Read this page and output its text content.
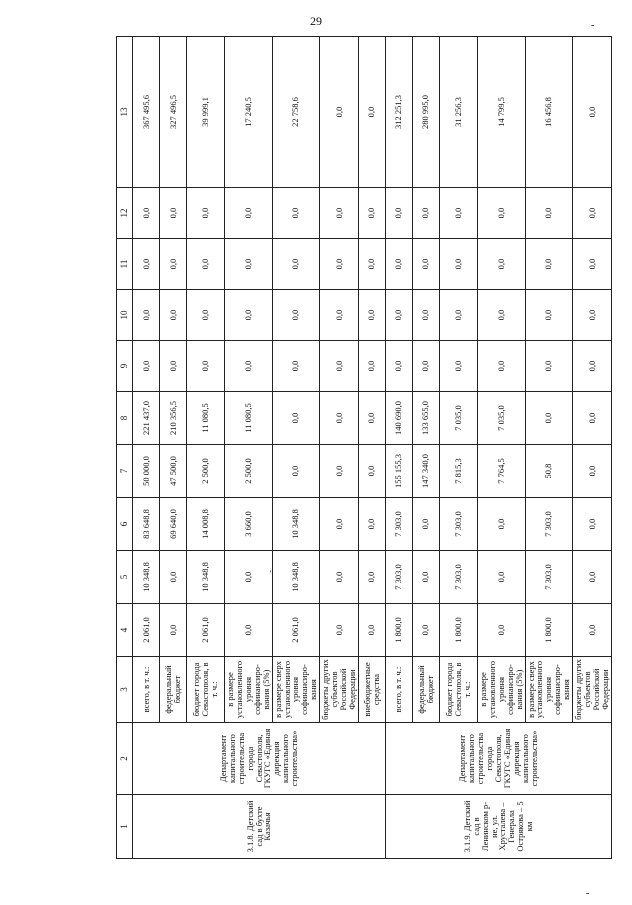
29	-
-
'
1	2	3	4	5	6	7	8	9	10	11	12	13
3.1.8. Детский сад в бухте Казачья	Департамент капитального строительства города Севастополя, ГКУГС «Единая дирекция капитального строительства»	всего, в т. ч.:	2 061,0	10 348,8	83 648,8	50 000,0	221 437,0	0,0	0,0	0,0	0,0	367 495,6
		федеральный бюджет	0,0	0,0	69 640,0	47 500,0	210 356,5	0,0	0,0	0,0	0,0	327 496,5
		бюджет города Севастополя, в т. ч.:	2 061,0	10 348,8	14 008,8	2 500,0	11 080,5	0,0	0,0	0,0	0,0	39 999,1
		в размере установленного уровня софинансиро-вания (5%)	0,0	0,0	3 660,0	2 500,0	11 080,5	0,0	0,0	0,0	0,0	17 240,5
		в размере сверх установленного уровня софинансиро-вания	2 061,0	10 348,8	10 348,8	0,0	0,0	0,0	0,0	0,0	0,0	22 758,6
		бюджеты других субъектов Российской Федерации	0,0	0,0	0,0	0,0	0,0	0,0	0,0	0,0	0,0	0,0
		внебюджетные средства	0,0	0,0	0,0	0,0	0,0	0,0	0,0	0,0	0,0	0,0
3.1.9. Детский сад в Ленинском р-не, ул. Хрусталева – Генерала Острякова – 5 км	Департамент капитального строительства города Севастополя, ГКУГС «Единая дирекция капитального строительства»	всего, в т. ч.:	1 800,0	7 303,0	7 303,0	155 155,3	140 690,0	0,0	0,0	0,0	0,0	312 251,3
		федеральный бюджет	0,0	0,0	0,0	147 340,0	133 655,0	0,0	0,0	0,0	0,0	280 995,0
		бюджет города Севастополя, в т. ч.:	1 800,0	7 303,0	7 303,0	7 815,3	7 035,0	0,0	0,0	0,0	0,0	31 256,3
		в размере установленного уровня софинансиро-вания (5%)	0,0	0,0	0,0	7 764,5	7 035,0	0,0	0,0	0,0	0,0	14 799,5
		в размере сверх установленного уровня софинансиро-вания	1 800,0	7 303,0	7 303,0	50,8	0,0	0,0	0,0	0,0	0,0	16 456,8
		бюджеты других субъектов Российской Федерации	0,0	0,0	0,0	0,0	0,0	0,0	0,0	0,0	0,0	0,0
